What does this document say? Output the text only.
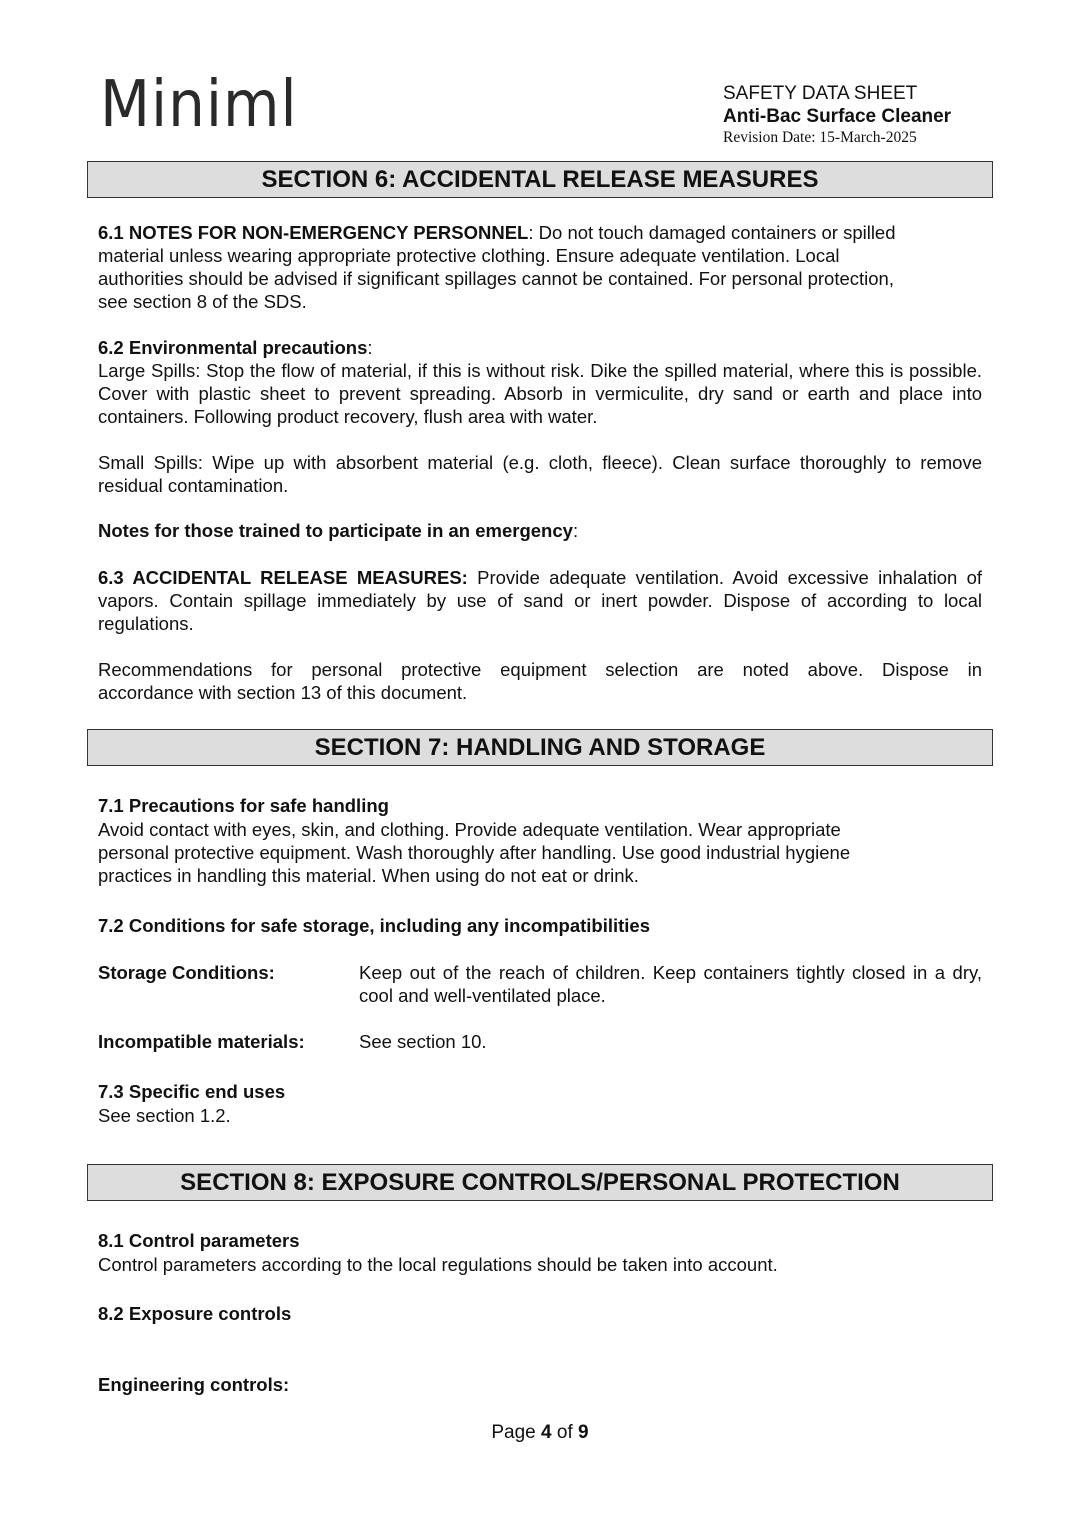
Miniml	SAFETY DATA SHEET
Anti-Bac Surface Cleaner
Revision Date: 15-March-2025
SECTION 6: ACCIDENTAL RELEASE MEASURES
6.1 NOTES FOR NON-EMERGENCY PERSONNEL: Do not touch damaged containers or spilled
material unless wearing appropriate protective clothing. Ensure adequate ventilation. Local
authorities should be advised if significant spillages cannot be contained. For personal protection,
see section 8 of the SDS.
6.2 Environmental precautions:
Large Spills: Stop the flow of material, if this is without risk. Dike the spilled material, where this is possible. Cover with plastic sheet to prevent spreading. Absorb in vermiculite, dry sand or earth and place into containers. Following product recovery, flush area with water.
Small Spills: Wipe up with absorbent material (e.g. cloth, fleece). Clean surface thoroughly to remove residual contamination.
Notes for those trained to participate in an emergency:
6.3 ACCIDENTAL RELEASE MEASURES: Provide adequate ventilation. Avoid excessive inhalation of vapors. Contain spillage immediately by use of sand or inert powder. Dispose of according to local regulations.
Recommendations for personal protective equipment selection are noted above. Dispose in
accordance with section 13 of this document.
SECTION 7: HANDLING AND STORAGE
7.1 Precautions for safe handling
Avoid contact with eyes, skin, and clothing. Provide adequate ventilation. Wear appropriate
personal protective equipment. Wash thoroughly after handling. Use good industrial hygiene
practices in handling this material. When using do not eat or drink.
7.2 Conditions for safe storage, including any incompatibilities
Storage Conditions:	Keep out of the reach of children. Keep containers tightly closed in a dry, cool and well-ventilated place.
Incompatible materials:	See section 10.
7.3 Specific end uses
See section 1.2.
SECTION 8: EXPOSURE CONTROLS/PERSONAL PROTECTION
8.1 Control parameters
Control parameters according to the local regulations should be taken into account.
8.2 Exposure controls
Engineering controls:
Page 4 of 9
